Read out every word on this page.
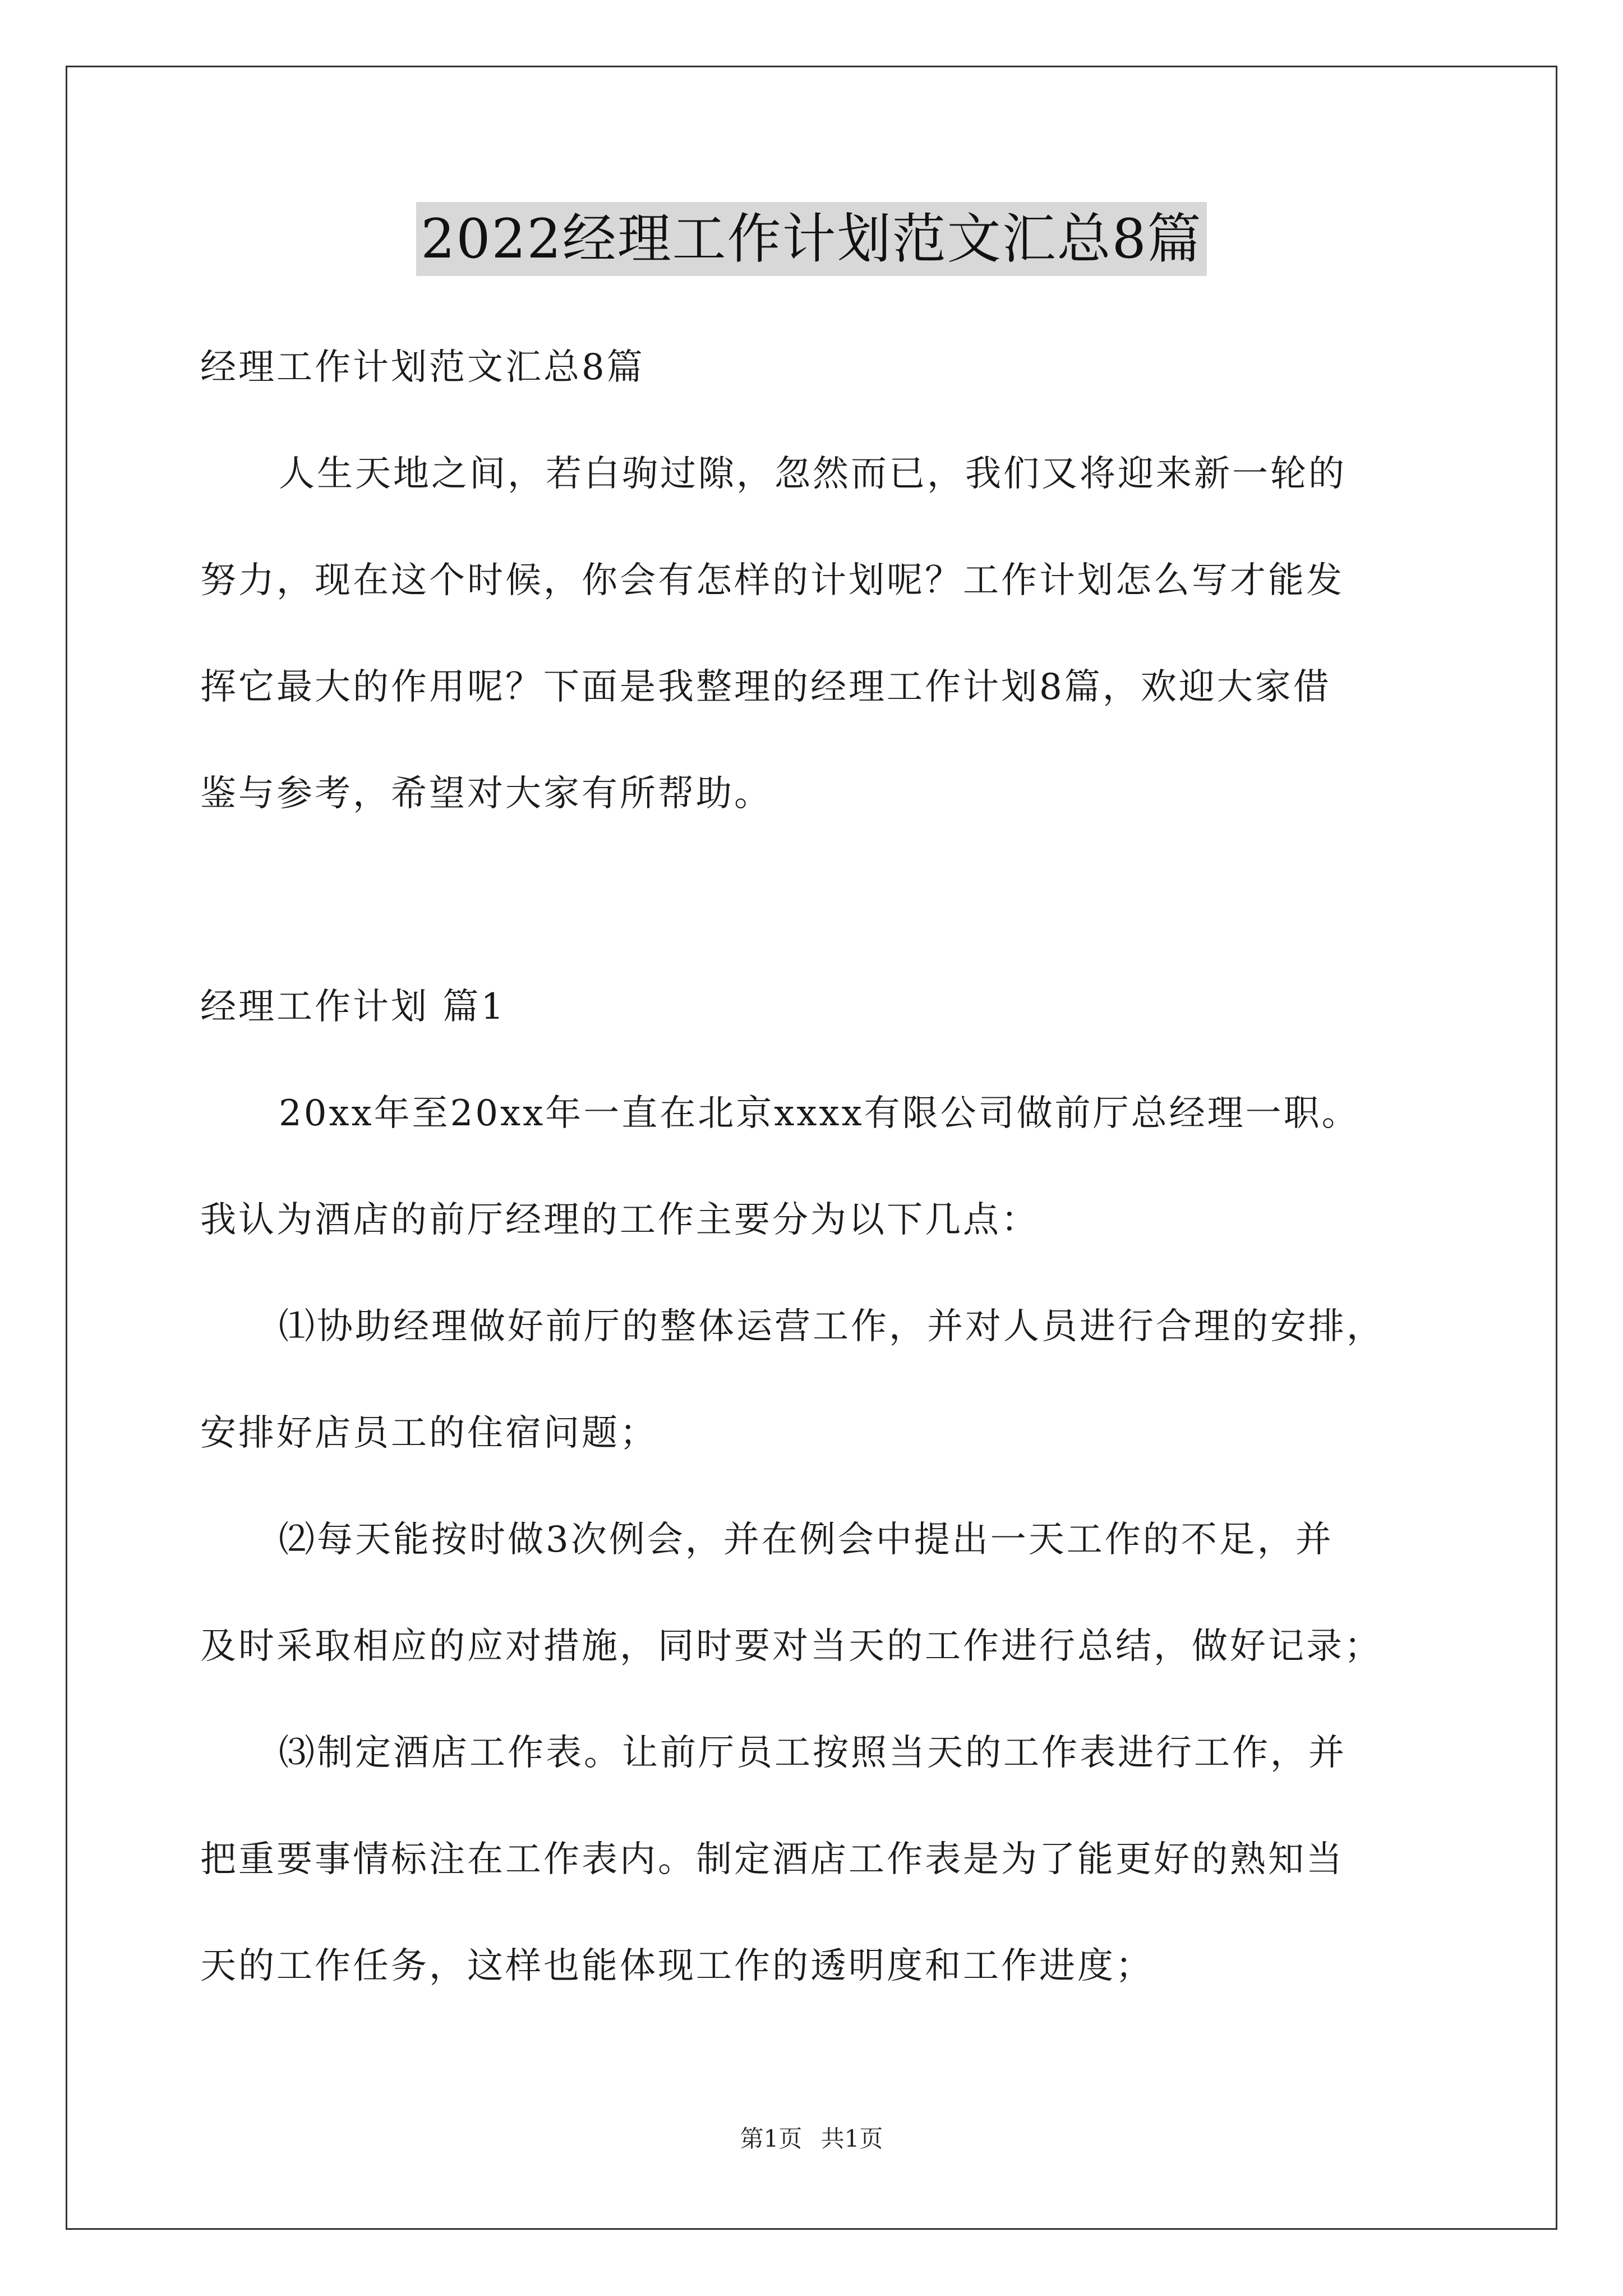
2022经理工作计划范文汇总8篇

经理工作计划范文汇总8篇

人生天地之间，若白驹过隙，忽然而已，我们又将迎来新一轮的

努力，现在这个时候，你会有怎样的计划呢？工作计划怎么写才能发

挥它最大的作用呢？下面是我整理的经理工作计划8篇，欢迎大家借

鉴与参考，希望对大家有所帮助。

经理工作计划 篇1

20xx年至20xx年一直在北京xxxx有限公司做前厅总经理一职。

我认为酒店的前厅经理的工作主要分为以下几点：

⑴协助经理做好前厅的整体运营工作，并对人员进行合理的安排，

安排好店员工的住宿问题；

⑵每天能按时做3次例会，并在例会中提出一天工作的不足，并

及时采取相应的应对措施，同时要对当天的工作进行总结，做好记录；

⑶制定酒店工作表。让前厅员工按照当天的工作表进行工作，并

把重要事情标注在工作表内。制定酒店工作表是为了能更好的熟知当

天的工作任务，这样也能体现工作的透明度和工作进度；

第1页 共1页
